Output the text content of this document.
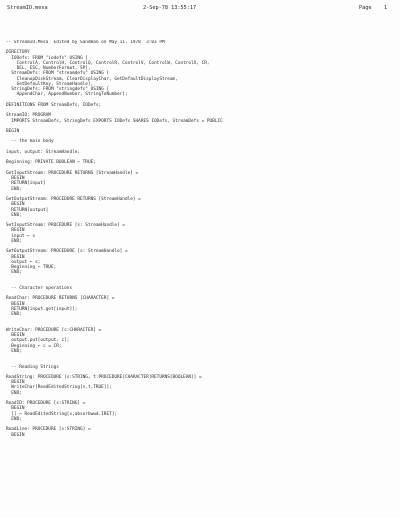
StreamIO.mesa	2-Sep-78 13:55:17	Page    1
-- StreamIO.Mesa  Edited by Sandman on May 11, 1978  3:03 PM
DIRECTORY
IODefs: FROM "iodefs" USING [
ControlA, ControlH, ControlQ, ControlR, ControlV, ControlW, ControlX, CR,
DEL, ESC, NumberFormat, SP],
StreamDefs: FROM "streamdefs" USING [
CleanupDiskStream, ClearDisplayChar, GetDefaultDisplayStream,
GetDefaultKey, StreamHandle],
StringDefs: FROM "stringdefs" USING [
AppendChar, AppendNumber, StringToNumber];
DEFINITIONS FROM StreamDefs, IODefs;
StreamIO: PROGRAM
IMPORTS StreamDefs, StringDefs EXPORTS IODefs SHARES IODefs, StreamDefs = PUBLIC
BEGIN
-- the main body
input, output: StreamHandle;
Beginning: PRIVATE BOOLEAN ← TRUE;
GetInputStream: PROCEDURE RETURNS [StreamHandle] =
BEGIN
RETURN[input]
END;
GetOutputStream: PROCEDURE RETURNS [StreamHandle] =
BEGIN
RETURN[output]
END;
SetInputStream: PROCEDURE [s: StreamHandle] =
BEGIN
input ← s
END;
SetOutputStream: PROCEDURE [s: StreamHandle] =
BEGIN
output ← s;
Beginning ← TRUE;
END;
-- Character operations
ReadChar: PROCEDURE RETURNS [CHARACTER] =
BEGIN
RETURN[input.get[input]];
END;
WriteChar: PROCEDURE [c:CHARACTER] =
BEGIN
output.put[output, c];
Beginning ← c = CR;
END;
-- Reading Strings
ReadString: PROCEDURE [s:STRING, t:PROCEDURE[CHARACTER]RETURNS[BOOLEAN]] =
BEGIN
WriteChar[ReadEditedString[s,t,TRUE]];
END;
ReadID: PROCEDURE [s:STRING] =
BEGIN
[] ← ReadEditedString[s,absorbwwd.IRET];
END;
ReadLine: PROCEDURE [s:STRING] =
BEGIN
